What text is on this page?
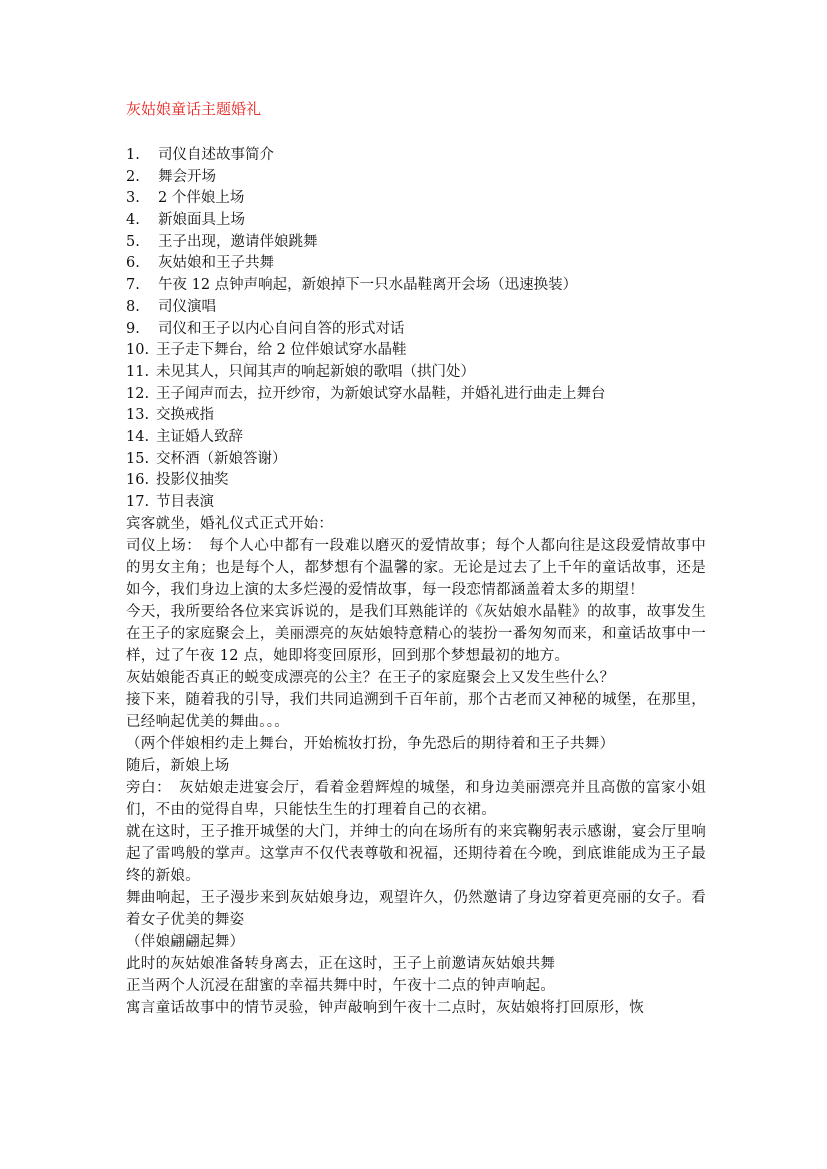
灰姑娘童话主题婚礼
1. 司仪自述故事简介
2. 舞会开场
3. 2 个伴娘上场
4. 新娘面具上场
5. 王子出现，邀请伴娘跳舞
6. 灰姑娘和王子共舞
7. 午夜 12 点钟声响起，新娘掉下一只水晶鞋离开会场（迅速换装）
8. 司仪演唱
9. 司仪和王子以内心自问自答的形式对话
10. 王子走下舞台，给 2 位伴娘试穿水晶鞋
11. 未见其人，只闻其声的响起新娘的歌唱（拱门处）
12. 王子闻声而去，拉开纱帘，为新娘试穿水晶鞋，并婚礼进行曲走上舞台
13. 交换戒指
14. 主证婚人致辞
15. 交杯酒（新娘答谢）
16. 投影仪抽奖
17. 节目表演

宾客就坐，婚礼仪式正式开始：

司仪上场：　每个人心中都有一段难以磨灭的爱情故事；每个人都向往是这段爱情故事中的男女主角；也是每个人，都梦想有个温馨的家。无论是过去了上千年的童话故事，还是如今，我们身边上演的太多烂漫的爱情故事，每一段恋情都涵盖着太多的期望！

今天，我所要给各位来宾诉说的，是我们耳熟能详的《灰姑娘水晶鞋》的故事，故事发生在王子的家庭聚会上，美丽漂亮的灰姑娘特意精心的装扮一番匆匆而来，和童话故事中一样，过了午夜 12 点，她即将变回原形，回到那个梦想最初的地方。

灰姑娘能否真正的蜕变成漂亮的公主？在王子的家庭聚会上又发生些什么？

接下来，随着我的引导，我们共同追溯到千百年前，那个古老而又神秘的城堡，在那里，已经响起优美的舞曲。。。

（两个伴娘相约走上舞台，开始梳妆打扮，争先恐后的期待着和王子共舞）

随后，新娘上场

旁白：　灰姑娘走进宴会厅，看着金碧辉煌的城堡，和身边美丽漂亮并且高傲的富家小姐们，不由的觉得自卑，只能怯生生的打理着自己的衣裙。

就在这时，王子推开城堡的大门，并绅士的向在场所有的来宾鞠躬表示感谢，宴会厅里响起了雷鸣般的掌声。这掌声不仅代表尊敬和祝福，还期待着在今晚，到底谁能成为王子最终的新娘。

舞曲响起，王子漫步来到灰姑娘身边，观望许久，仍然邀请了身边穿着更亮丽的女子。看着女子优美的舞姿

（伴娘翩翩起舞）

此时的灰姑娘准备转身离去，正在这时，王子上前邀请灰姑娘共舞

正当两个人沉浸在甜蜜的幸福共舞中时，午夜十二点的钟声响起。

寓言童话故事中的情节灵验，钟声敲响到午夜十二点时，灰姑娘将打回原形，恢
